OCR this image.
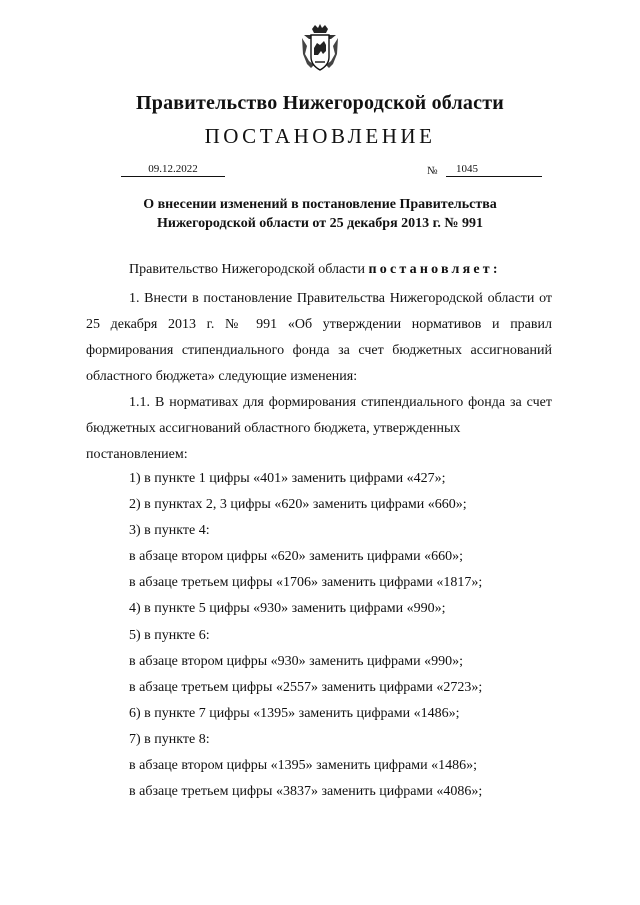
Правительство Нижегородской области
ПОСТАНОВЛЕНИЕ
09.12.2022	№	1045
О внесении изменений в постановление Правительства
Нижегородской области от 25 декабря 2013 г. № 991

Правительство Нижегородской области постановляет:

1. Внести в постановление Правительства Нижегородской области от 25 декабря 2013 г. № 991 «Об утверждении нормативов и правил формирования стипендиального фонда за счет бюджетных ассигнований областного бюджета» следующие изменения:

1.1. В нормативах для формирования стипендиального фонда за счет бюджетных ассигнований областного бюджета, утвержденных

постановлением:

1) в пункте 1 цифры «401» заменить цифрами «427»;
2) в пунктах 2, 3 цифры «620» заменить цифрами «660»;
3) в пункте 4:
в абзаце втором цифры «620» заменить цифрами «660»;
в абзаце третьем цифры «1706» заменить цифрами «1817»;
4) в пункте 5 цифры «930» заменить цифрами «990»;
5) в пункте 6:
в абзаце втором цифры «930» заменить цифрами «990»;
в абзаце третьем цифры «2557» заменить цифрами «2723»;
6) в пункте 7 цифры «1395» заменить цифрами «1486»;
7) в пункте 8:
в абзаце втором цифры «1395» заменить цифрами «1486»;
в абзаце третьем цифры «3837» заменить цифрами «4086»;
